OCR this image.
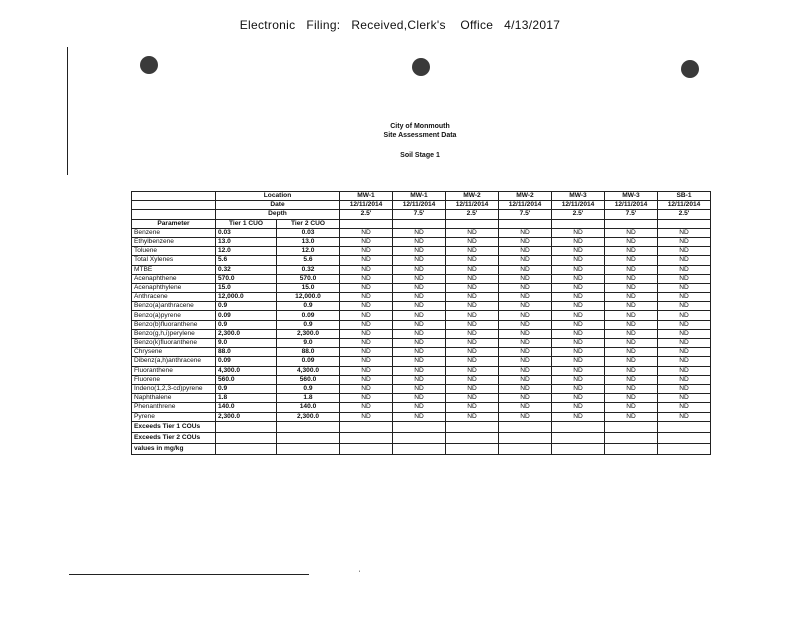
Electronic   Filing:   Received,Clerk's    Office   4/13/2017
City of Monmouth
Site Assessment Data
Soil Stage 1
	Location		MW-1	MW-1	MW-2	MW-2	MW-3	MW-3	SB-1
	Date		12/11/2014	12/11/2014	12/11/2014	12/11/2014	12/11/2014	12/11/2014	12/11/2014
	Depth		2.5'	7.5'	2.5'	7.5'	2.5'	7.5'	2.5'
Parameter	Tier 1 CUO	Tier 2 CUO							
Benzene	0.03	0.03	ND	ND	ND	ND	ND	ND	ND
Ethylbenzene	13.0	13.0	ND	ND	ND	ND	ND	ND	ND
Toluene	12.0	12.0	ND	ND	ND	ND	ND	ND	ND
Total Xylenes	5.6	5.6	ND	ND	ND	ND	ND	ND	ND
MTBE	0.32	0.32	ND	ND	ND	ND	ND	ND	ND
Acenaphthene	570.0	570.0	ND	ND	ND	ND	ND	ND	ND
Acenaphthylene	15.0	15.0	ND	ND	ND	ND	ND	ND	ND
Anthracene	12,000.0	12,000.0	ND	ND	ND	ND	ND	ND	ND
Benzo(a)anthracene	0.9	0.9	ND	ND	ND	ND	ND	ND	ND
Benzo(a)pyrene	0.09	0.09	ND	ND	ND	ND	ND	ND	ND
Benzo(b)fluoranthene	0.9	0.9	ND	ND	ND	ND	ND	ND	ND
Benzo(g,h,i)perylene	2,300.0	2,300.0	ND	ND	ND	ND	ND	ND	ND
Benzo(k)fluoranthene	9.0	9.0	ND	ND	ND	ND	ND	ND	ND
Chrysene	88.0	88.0	ND	ND	ND	ND	ND	ND	ND
Dibenz(a,h)anthracene	0.09	0.09	ND	ND	ND	ND	ND	ND	ND
Fluoranthene	4,300.0	4,300.0	ND	ND	ND	ND	ND	ND	ND
Fluorene	560.0	560.0	ND	ND	ND	ND	ND	ND	ND
Indeno(1,2,3-cd)pyrene	0.9	0.9	ND	ND	ND	ND	ND	ND	ND
Naphthalene	1.8	1.8	ND	ND	ND	ND	ND	ND	ND
Phenanthrene	140.0	140.0	ND	ND	ND	ND	ND	ND	ND
Pyrene	2,300.0	2,300.0	ND	ND	ND	ND	ND	ND	ND
Exceeds Tier 1 COUs									
Exceeds Tier 2 COUs									
values in mg/kg									
ˈ
